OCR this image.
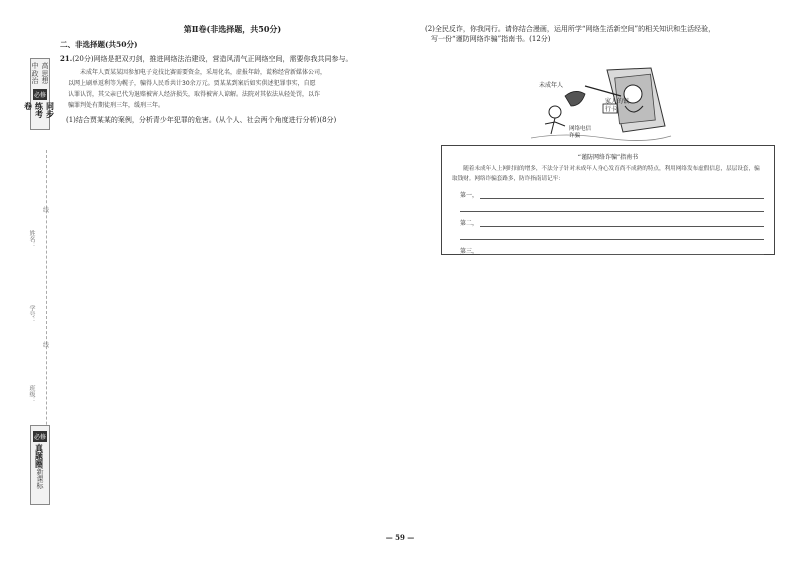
高中
思想政治
必修
同步练考卷
线
线
姓名：
学号：
班级：
必修
真题圈
新课标
第Ⅱ卷(非选择题，共50分)
二、非选择题(共50分)
21.(20分)网络是把双刃剑，推进网络法治建设，营造风清气正网络空间，需要你我共同参与。
未成年人贾某某因参加电子竞技比赛需要资金，采用化名，虚报年龄，谎称经营新媒体公司，
以网上刷单返利等为幌子，骗得人民币共计30余万元。贾某某到案后如实供述犯罪事实，自愿
认罪认罚，其父亲已代为退赔被害人经济损失，取得被害人谅解。法院对其依法从轻处罚，以诈
骗罪判处有期徒刑三年，缓刑三年。
(1)结合贾某某的案例，分析青少年犯罪的危害。(从个人、社会两个角度进行分析)(8分)
(2)全民反诈，你我同行。请你结合漫画，运用所学“网络生活新空间”的相关知识和生活经验，
写一份“谨防网络诈骗”指南书。(12分)
未成年人
家人的银行卡
网络电信诈骗
“谨防网络诈骗”指南书
随着未成年人上网时间的增多，不法分子针对未成年人身心发育尚不成熟的特点，利用网络发布虚假信息，层层设套，骗取钱财。网络诈骗套路多，防诈指南请记牢：
第一，
第二，
第三，
— 59 —
